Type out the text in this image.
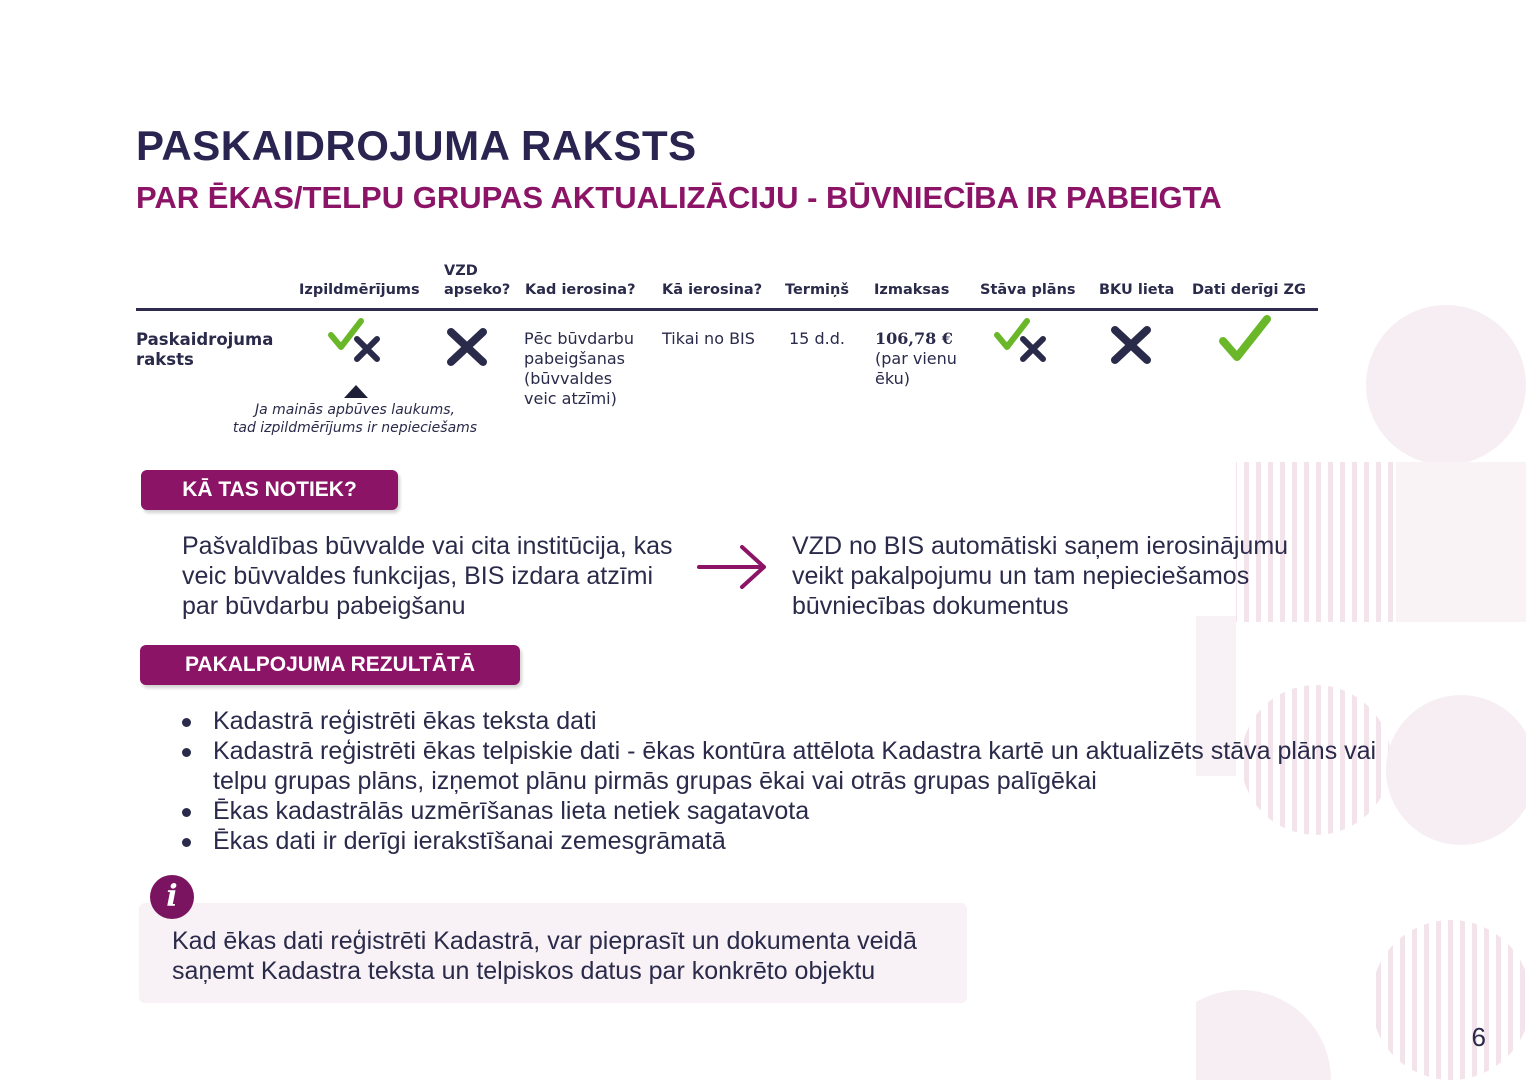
PASKAIDROJUMA RAKSTS
PAR ĒKAS/TELPU GRUPAS AKTUALIZĀCIJU - BŪVNIECĪBA IR PABEIGTA
Izpildmērījums
VZD
apseko? Kad ierosina? Kā ierosina? Termiņš Izmaksas Stāva plāns BKU lieta Dati derīgi ZG
Paskaidrojuma
raksts
Pēc būvdarbu
pabeigšanas
(būvvaldes
veic atzīmi)
Tikai no BIS 15 d.d. 106,78 €
(par vienu
ēku)
Ja mainās apbūves laukums,
tad izpildmērījums ir nepieciešams
KĀ TAS NOTIEK?
Pašvaldības būvvalde vai cita institūcija, kas
veic būvvaldes funkcijas, BIS izdara atzīmi
par būvdarbu pabeigšanu
VZD no BIS automātiski saņem ierosinājumu
veikt pakalpojumu un tam nepieciešamos
būvniecības dokumentus
PAKALPOJUMA REZULTĀTĀ
Kadastrā reģistrēti ēkas teksta dati
Kadastrā reģistrēti ēkas telpiskie dati - ēkas kontūra attēlota Kadastra kartē un aktualizēts stāva plāns vai telpu grupas plāns, izņemot plānu pirmās grupas ēkai vai otrās grupas palīgēkai
Ēkas kadastrālās uzmērīšanas lieta netiek sagatavota
Ēkas dati ir derīgi ierakstīšanai zemesgrāmatā
i
Kad ēkas dati reģistrēti Kadastrā, var pieprasīt un dokumenta veidā
saņemt Kadastra teksta un telpiskos datus par konkrēto objektu
6
